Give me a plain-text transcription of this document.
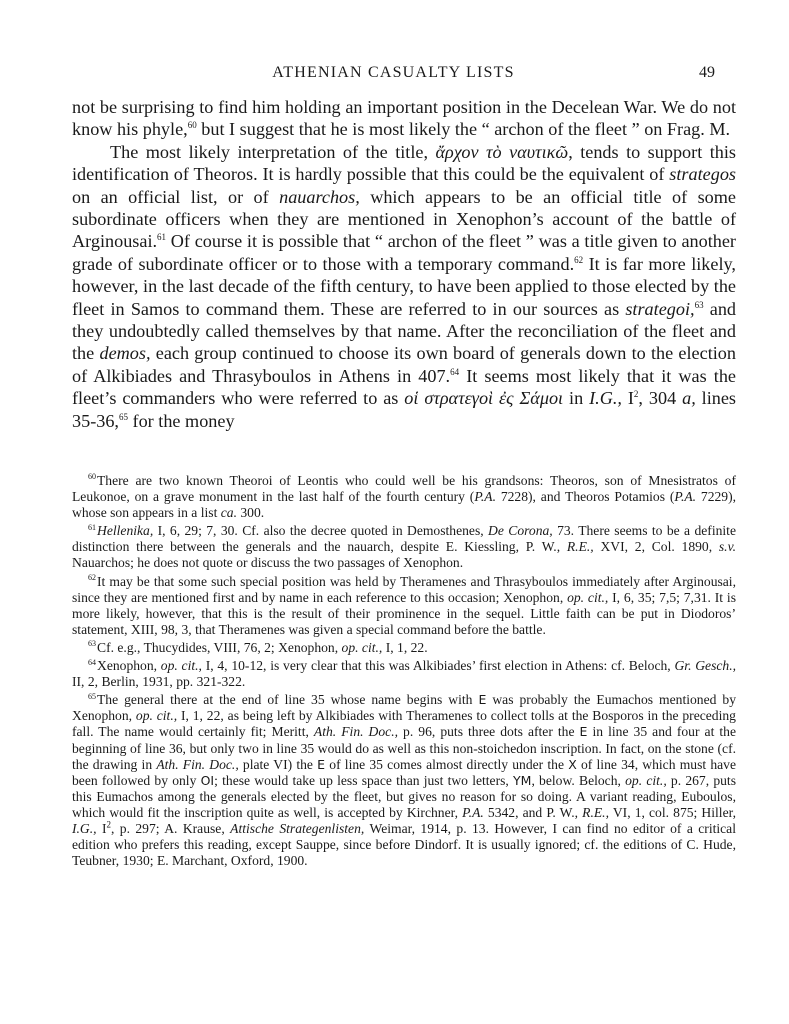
ATHENIAN CASUALTY LISTS	49

not be surprising to find him holding an important position in the Decelean War. We do not know his phyle,$^{60}$ but I suggest that he is most likely the “ archon of the fleet ” on Frag. M.

The most likely interpretation of the title, ἄρχον τὸ ναυτικῶ, tends to support this identification of Theoros. It is hardly possible that this could be the equivalent of strategos on an official list, or of nauarchos, which appears to be an official title of some subordinate officers when they are mentioned in Xenophon’s account of the battle of Arginousai.$^{61}$ Of course it is possible that “ archon of the fleet ” was a title given to another grade of subordinate officer or to those with a temporary command.$^{62}$ It is far more likely, however, in the last decade of the fifth century, to have been applied to those elected by the fleet in Samos to command them. These are referred to in our sources as strategoi,$^{63}$ and they undoubtedly called themselves by that name. After the reconciliation of the fleet and the demos, each group continued to choose its own board of generals down to the election of Alkibiades and Thrasyboulos in Athens in 407.64 It seems most likely that it was the fleet’s commanders who were referred to as οἱ στρατεγοὶ ἐς Σάμοι in I.G., $I^2$, 304 a, lines 35-36,65 for the money

$^{60}$There are two known Theoroi of Leontis who could well be his grandsons: Theoros, son of Mnesistratos of Leukonoe, on a grave monument in the last half of the fourth century (P.A. 7228), and Theoros Potamios (P.A. 7229), whose son appears in a list ca. 300.

$^{61}$Hellenika, I, 6, 29; 7, 30. Cf. also the decree quoted in Demosthenes, De Corona, 73. There seems to be a definite distinction there between the generals and the nauarch, despite E. Kiessling, P. W., R.E., XVI, 2, Col. 1890, s.v. Nauarchos; he does not quote or discuss the two passages of Xenophon.

$^{62}$It may be that some such special position was held by Theramenes and Thrasyboulos immediately after Arginousai, since they are mentioned first and by name in each reference to this occasion; Xenophon, op. cit., I, 6, 35; 7,5; 7,31. It is more likely, however, that this is the result of their prominence in the sequel. Little faith can be put in Diodoros’ statement, XIII, 98, 3, that Theramenes was given a special command before the battle.

$^{63}$Cf. e.g., Thucydides, VIII, 76, 2; Xenophon, op. cit., I, 1, 22.

$^{64}$Xenophon, op. cit., I, 4, 10-12, is very clear that this was Alkibiades’ first election in Athens: cf. Beloch, Gr. Gesch., II, 2, Berlin, 1931, pp. 321-322.

$^{65}$The general there at the end of line 35 whose name begins with E was probably the Eumachos mentioned by Xenophon, op. cit., I, 1, 22, as being left by Alkibiades with Theramenes to collect tolls at the Bosporos in the preceding fall. The name would certainly fit; Meritt, Ath. Fin. Doc., p. 96, puts three dots after the E in line 35 and four at the beginning of line 36, but only two in line 35 would do as well as this non-stoichedon inscription. In fact, on the stone (cf. the drawing in Ath. Fin. Doc., plate VI) the E of line 35 comes almost directly under the X of line 34, which must have been followed by only OI; these would take up less space than just two letters, YM, below. Beloch, op. cit., p. 267, puts this Eumachos among the generals elected by the fleet, but gives no reason for so doing. A variant reading, Euboulos, which would fit the inscription quite as well, is accepted by Kirchner, P.A. 5342, and P. W., R.E., VI, 1, col. 875; Hiller, I.G., $I^2$, p. 297; A. Krause, Attische Strategenlisten, Weimar, 1914, p. 13. However, I can find no editor of a critical edition who prefers this reading, except Sauppe, since before Dindorf. It is usually ignored; cf. the editions of C. Hude, Teubner, 1930; E. Marchant, Oxford, 1900.
